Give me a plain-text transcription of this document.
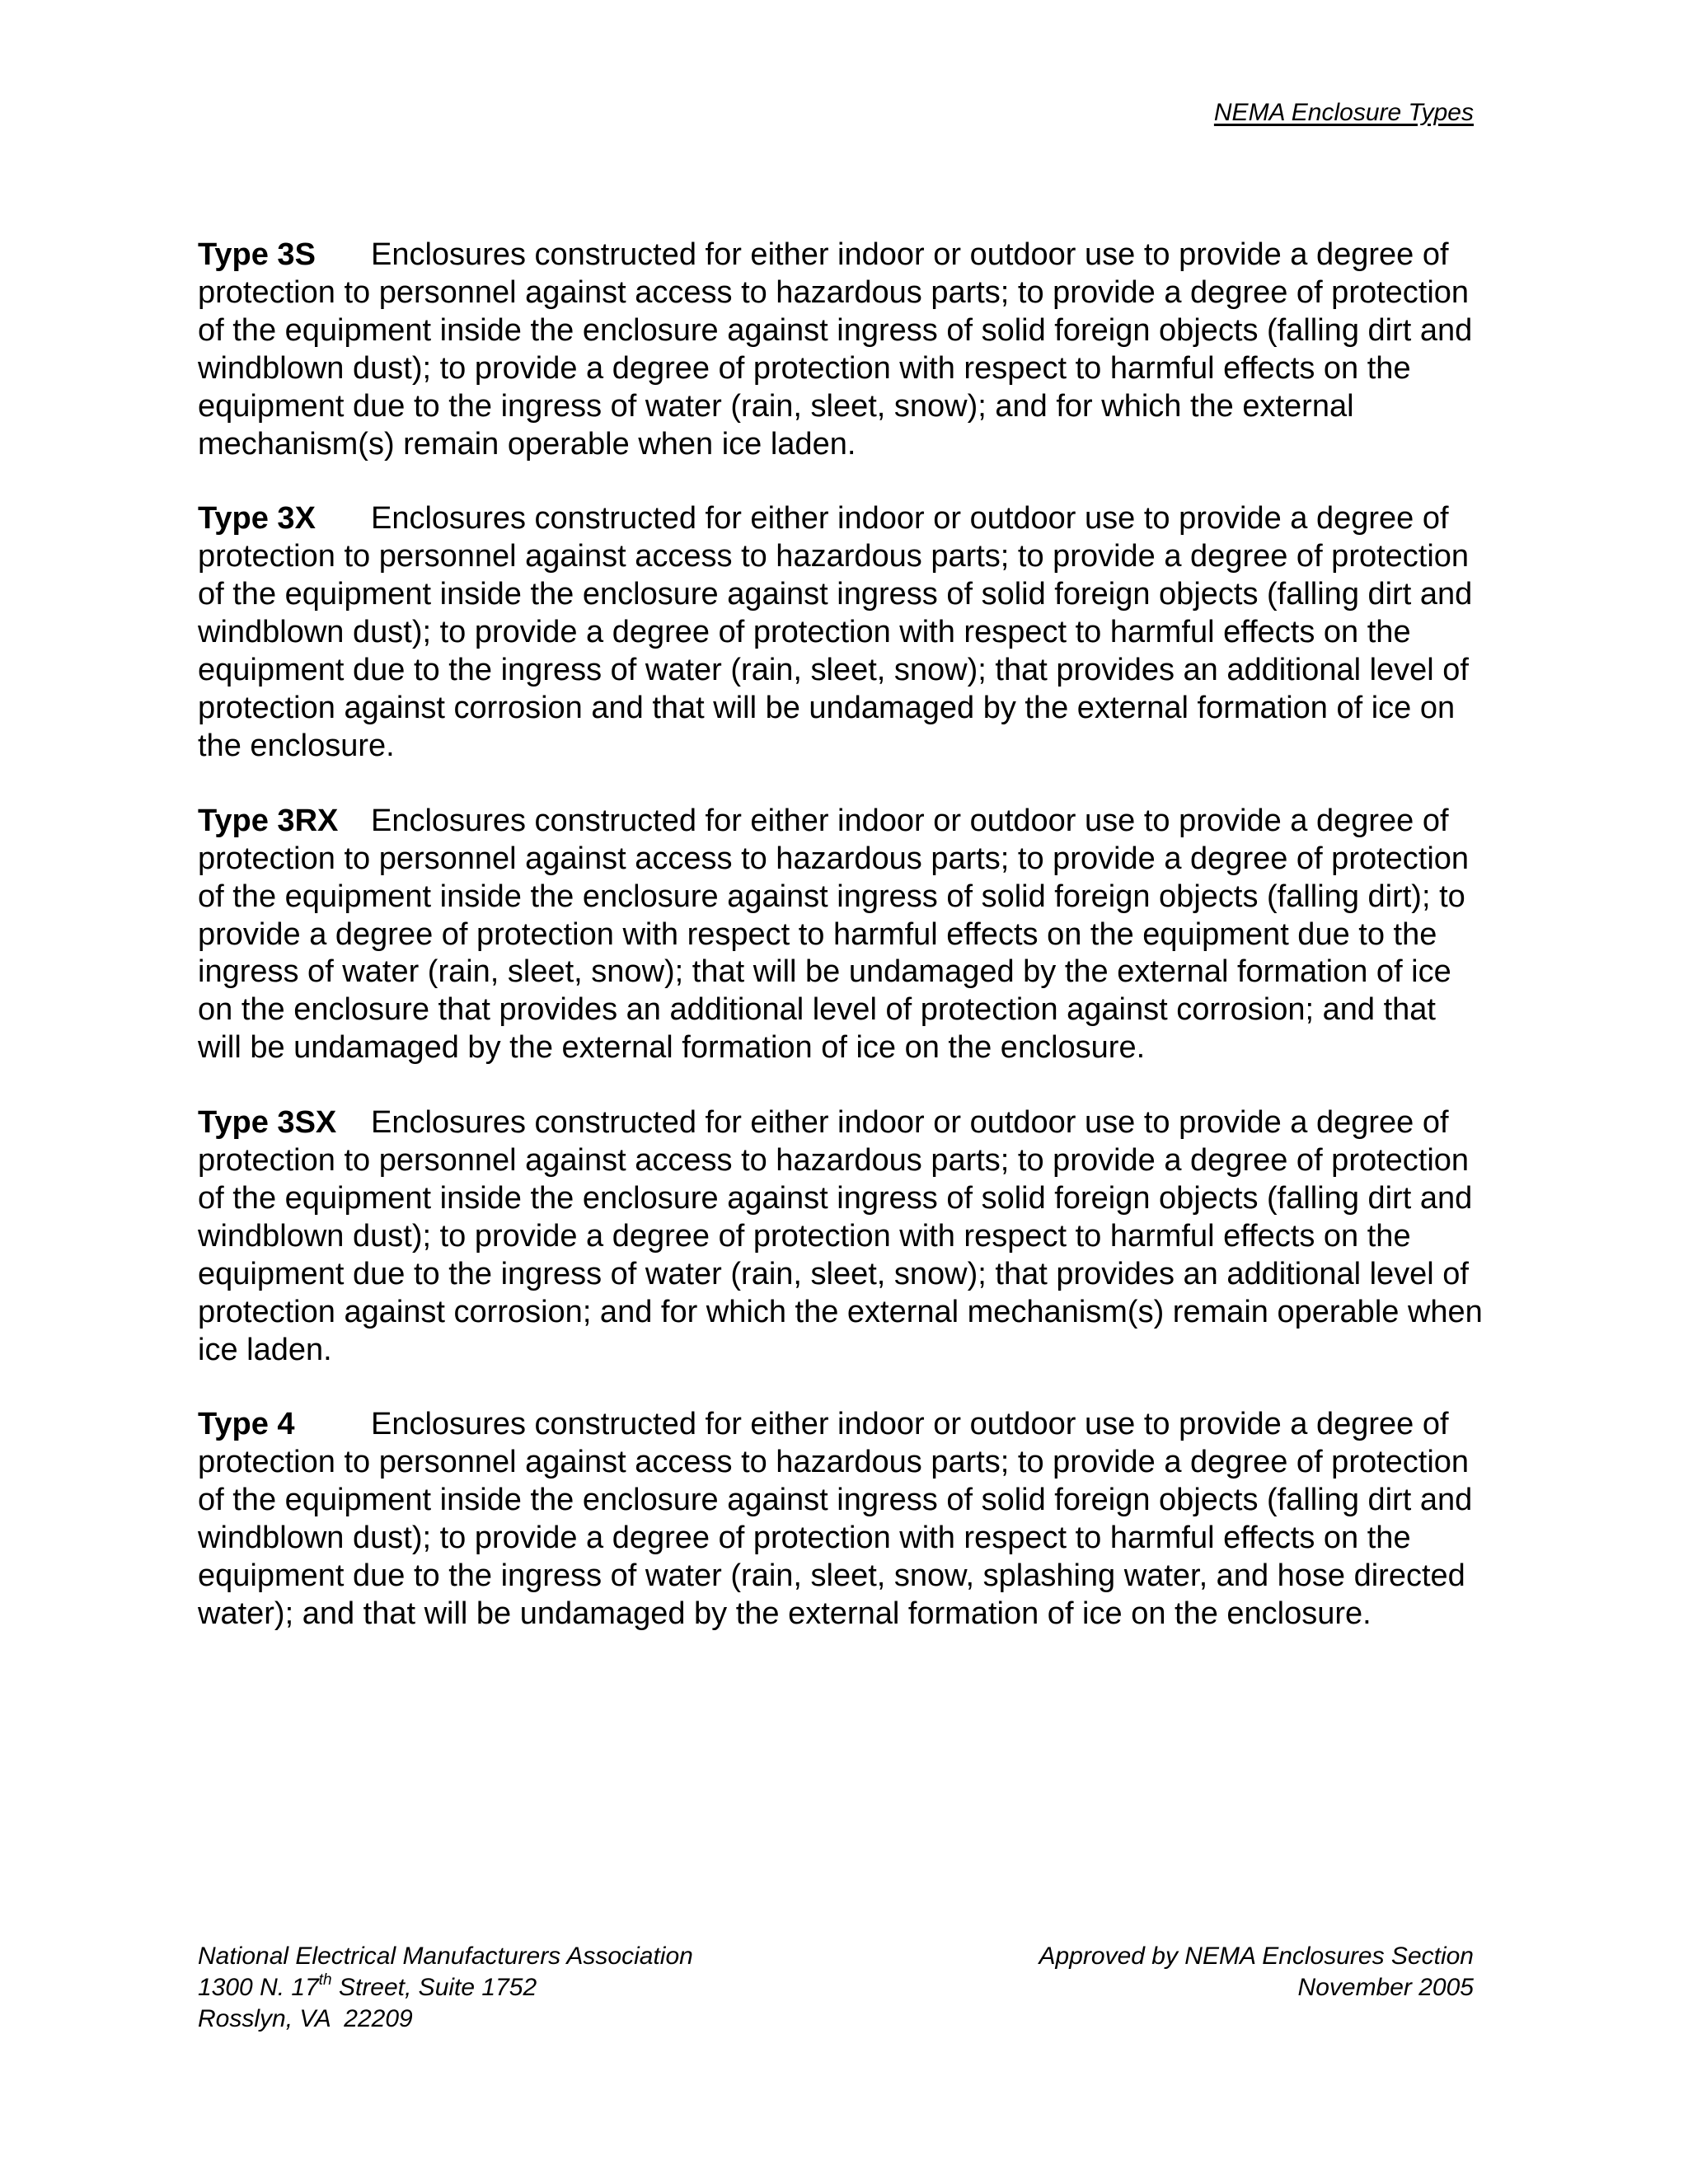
NEMA Enclosure Types

Type 3S Enclosures constructed for either indoor or outdoor use to provide a degree of protection to personnel against access to hazardous parts; to provide a degree of protection of the equipment inside the enclosure against ingress of solid foreign objects (falling dirt and windblown dust); to provide a degree of protection with respect to harmful effects on the equipment due to the ingress of water (rain, sleet, snow); and for which the external mechanism(s) remain operable when ice laden.

Type 3X Enclosures constructed for either indoor or outdoor use to provide a degree of protection to personnel against access to hazardous parts; to provide a degree of protection of the equipment inside the enclosure against ingress of solid foreign objects (falling dirt and windblown dust); to provide a degree of protection with respect to harmful effects on the equipment due to the ingress of water (rain, sleet, snow); that provides an additional level of protection against corrosion and that will be undamaged by the external formation of ice on the enclosure.

Type 3RX Enclosures constructed for either indoor or outdoor use to provide a degree of protection to personnel against access to hazardous parts; to provide a degree of protection of the equipment inside the enclosure against ingress of solid foreign objects (falling dirt); to provide a degree of protection with respect to harmful effects on the equipment due to the ingress of water (rain, sleet, snow); that will be undamaged by the external formation of ice on the enclosure that provides an additional level of protection against corrosion; and that will be undamaged by the external formation of ice on the enclosure.

Type 3SX Enclosures constructed for either indoor or outdoor use to provide a degree of protection to personnel against access to hazardous parts; to provide a degree of protection of the equipment inside the enclosure against ingress of solid foreign objects (falling dirt and windblown dust); to provide a degree of protection with respect to harmful effects on the equipment due to the ingress of water (rain, sleet, snow); that provides an additional level of protection against corrosion; and for which the external mechanism(s) remain operable when ice laden.

Type 4 Enclosures constructed for either indoor or outdoor use to provide a degree of protection to personnel against access to hazardous parts; to provide a degree of protection of the equipment inside the enclosure against ingress of solid foreign objects (falling dirt and windblown dust); to provide a degree of protection with respect to harmful effects on the equipment due to the ingress of water (rain, sleet, snow, splashing water, and hose directed water); and that will be undamaged by the external formation of ice on the enclosure.

National Electrical Manufacturers Association
1300 N. 17th Street, Suite 1752
Rosslyn, VA  22209
Approved by NEMA Enclosures Section
November 2005
